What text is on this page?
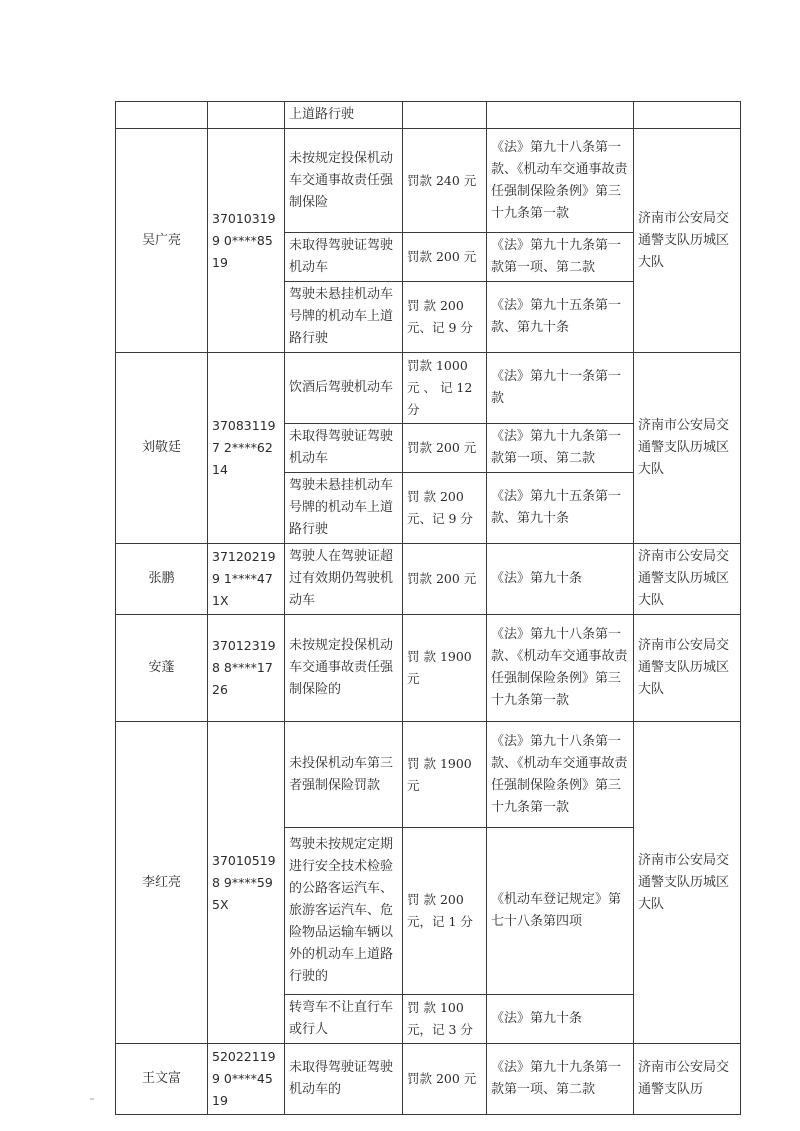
		上道路行驶			
吴广亮	370103199 0****8519	未按规定投保机动车交通事故责任强制保险	罚款 240 元	《法》第九十八条第一款、《机动车交通事故责任强制保险条例》第三十九条第一款	济南市公安局交通警支队历城区大队
		未取得驾驶证驾驶机动车	罚款 200 元	《法》第九十九条第一款第一项、第二款	
		驾驶未悬挂机动车号牌的机动车上道路行驶	罚 款 200 元、记 9 分	《法》第九十五条第一款、第九十条	
刘敬廷	370831197 2****6214	饮酒后驾驶机动车	罚款 1000 元 、 记 12 分	《法》第九十一条第一款	济南市公安局交通警支队历城区大队
		未取得驾驶证驾驶机动车	罚款 200 元	《法》第九十九条第一款第一项、第二款	
		驾驶未悬挂机动车号牌的机动车上道路行驶	罚 款 200 元、记 9 分	《法》第九十五条第一款、第九十条	
张鹏	371202199 1****471X	驾驶人在驾驶证超过有效期仍驾驶机动车	罚款 200 元	《法》第九十条	济南市公安局交通警支队历城区大队
安蓬	370123198 8****1726	未按规定投保机动车交通事故责任强制保险的	罚 款 1900 元	《法》第九十八条第一款、《机动车交通事故责任强制保险条例》第三十九条第一款	济南市公安局交通警支队历城区大队
李红亮	370105198 9****595X	未投保机动车第三者强制保险罚款	罚 款 1900 元	《法》第九十八条第一款、《机动车交通事故责任强制保险条例》第三十九条第一款	济南市公安局交通警支队历城区大队
		驾驶未按规定定期进行安全技术检验的公路客运汽车、旅游客运汽车、危险物品运输车辆以外的机动车上道路行驶的	罚 款 200 元，记 1 分	《机动车登记规定》第七十八条第四项	
		转弯车不让直行车或行人	罚 款 100 元，记 3 分	《法》第九十条	
王文富	520221199 0****4519	未取得驾驶证驾驶机动车的	罚款 200 元	《法》第九十九条第一款第一项、第二款	济南市公安局交通警支队历
